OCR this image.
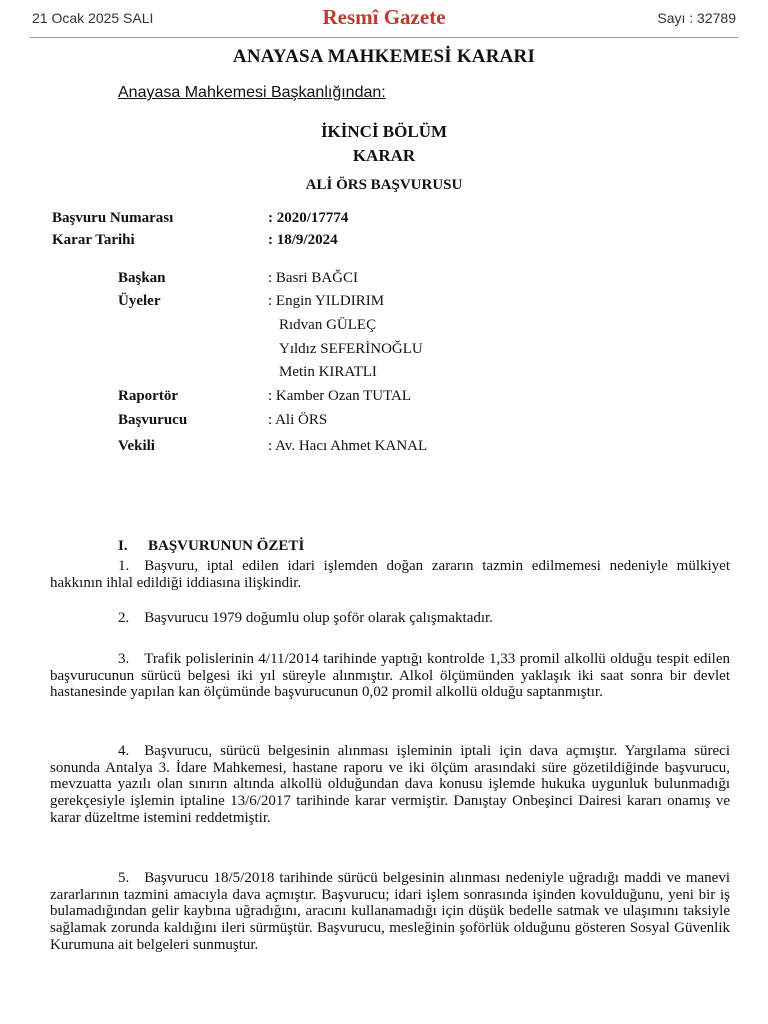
21 Ocak 2025 SALI	Resmî Gazete	Sayı : 32789
ANAYASA MAHKEMESİ KARARI
Anayasa Mahkemesi Başkanlığından:
İKİNCİ BÖLÜM
KARAR
ALİ ÖRS BAŞVURUSU
Başvuru Numarası	: 2020/17774
Karar Tarihi	: 18/9/2024
Başkan	: Basri BAĞCI
Üyeler	: Engin YILDIRIM
Rıdvan GÜLEÇ
Yıldız SEFERİNOĞLU
Metin KIRATLI
Raportör	: Kamber Ozan TUTAL
Başvurucu	: Ali ÖRS
Vekili	: Av. Hacı Ahmet KANAL
I. BAŞVURUNUN ÖZETİ

1. Başvuru, iptal edilen idari işlemden doğan zararın tazmin edilmemesi nedeniyle mülkiyet hakkının ihlal edildiği iddiasına ilişkindir.

2. Başvurucu 1979 doğumlu olup şoför olarak çalışmaktadır.

3. Trafik polislerinin 4/11/2014 tarihinde yaptığı kontrolde 1,33 promil alkollü olduğu tespit edilen başvurucunun sürücü belgesi iki yıl süreyle alınmıştır. Alkol ölçümünden yaklaşık iki saat sonra bir devlet hastanesinde yapılan kan ölçümünde başvurucunun 0,02 promil alkollü olduğu saptanmıştır.

4. Başvurucu, sürücü belgesinin alınması işleminin iptali için dava açmıştır. Yargılama süreci sonunda Antalya 3. İdare Mahkemesi, hastane raporu ve iki ölçüm arasındaki süre gözetildiğinde başvurucu, mevzuatta yazılı olan sınırın altında alkollü olduğundan dava konusu işlemde hukuka uygunluk bulunmadığı gerekçesiyle işlemin iptaline 13/6/2017 tarihinde karar vermiştir. Danıştay Onbeşinci Dairesi kararı onamış ve karar düzeltme istemini reddetmiştir.

5. Başvurucu 18/5/2018 tarihinde sürücü belgesinin alınması nedeniyle uğradığı maddi ve manevi zararlarının tazmini amacıyla dava açmıştır. Başvurucu; idari işlem sonrasında işinden kovulduğunu, yeni bir iş bulamadığından gelir kaybına uğradığını, aracını kullanamadığı için düşük bedelle satmak ve ulaşımını taksiyle sağlamak zorunda kaldığını ileri sürmüştür. Başvurucu, mesleğinin şoförlük olduğunu gösteren Sosyal Güvenlik Kurumuna ait belgeleri sunmuştur.
